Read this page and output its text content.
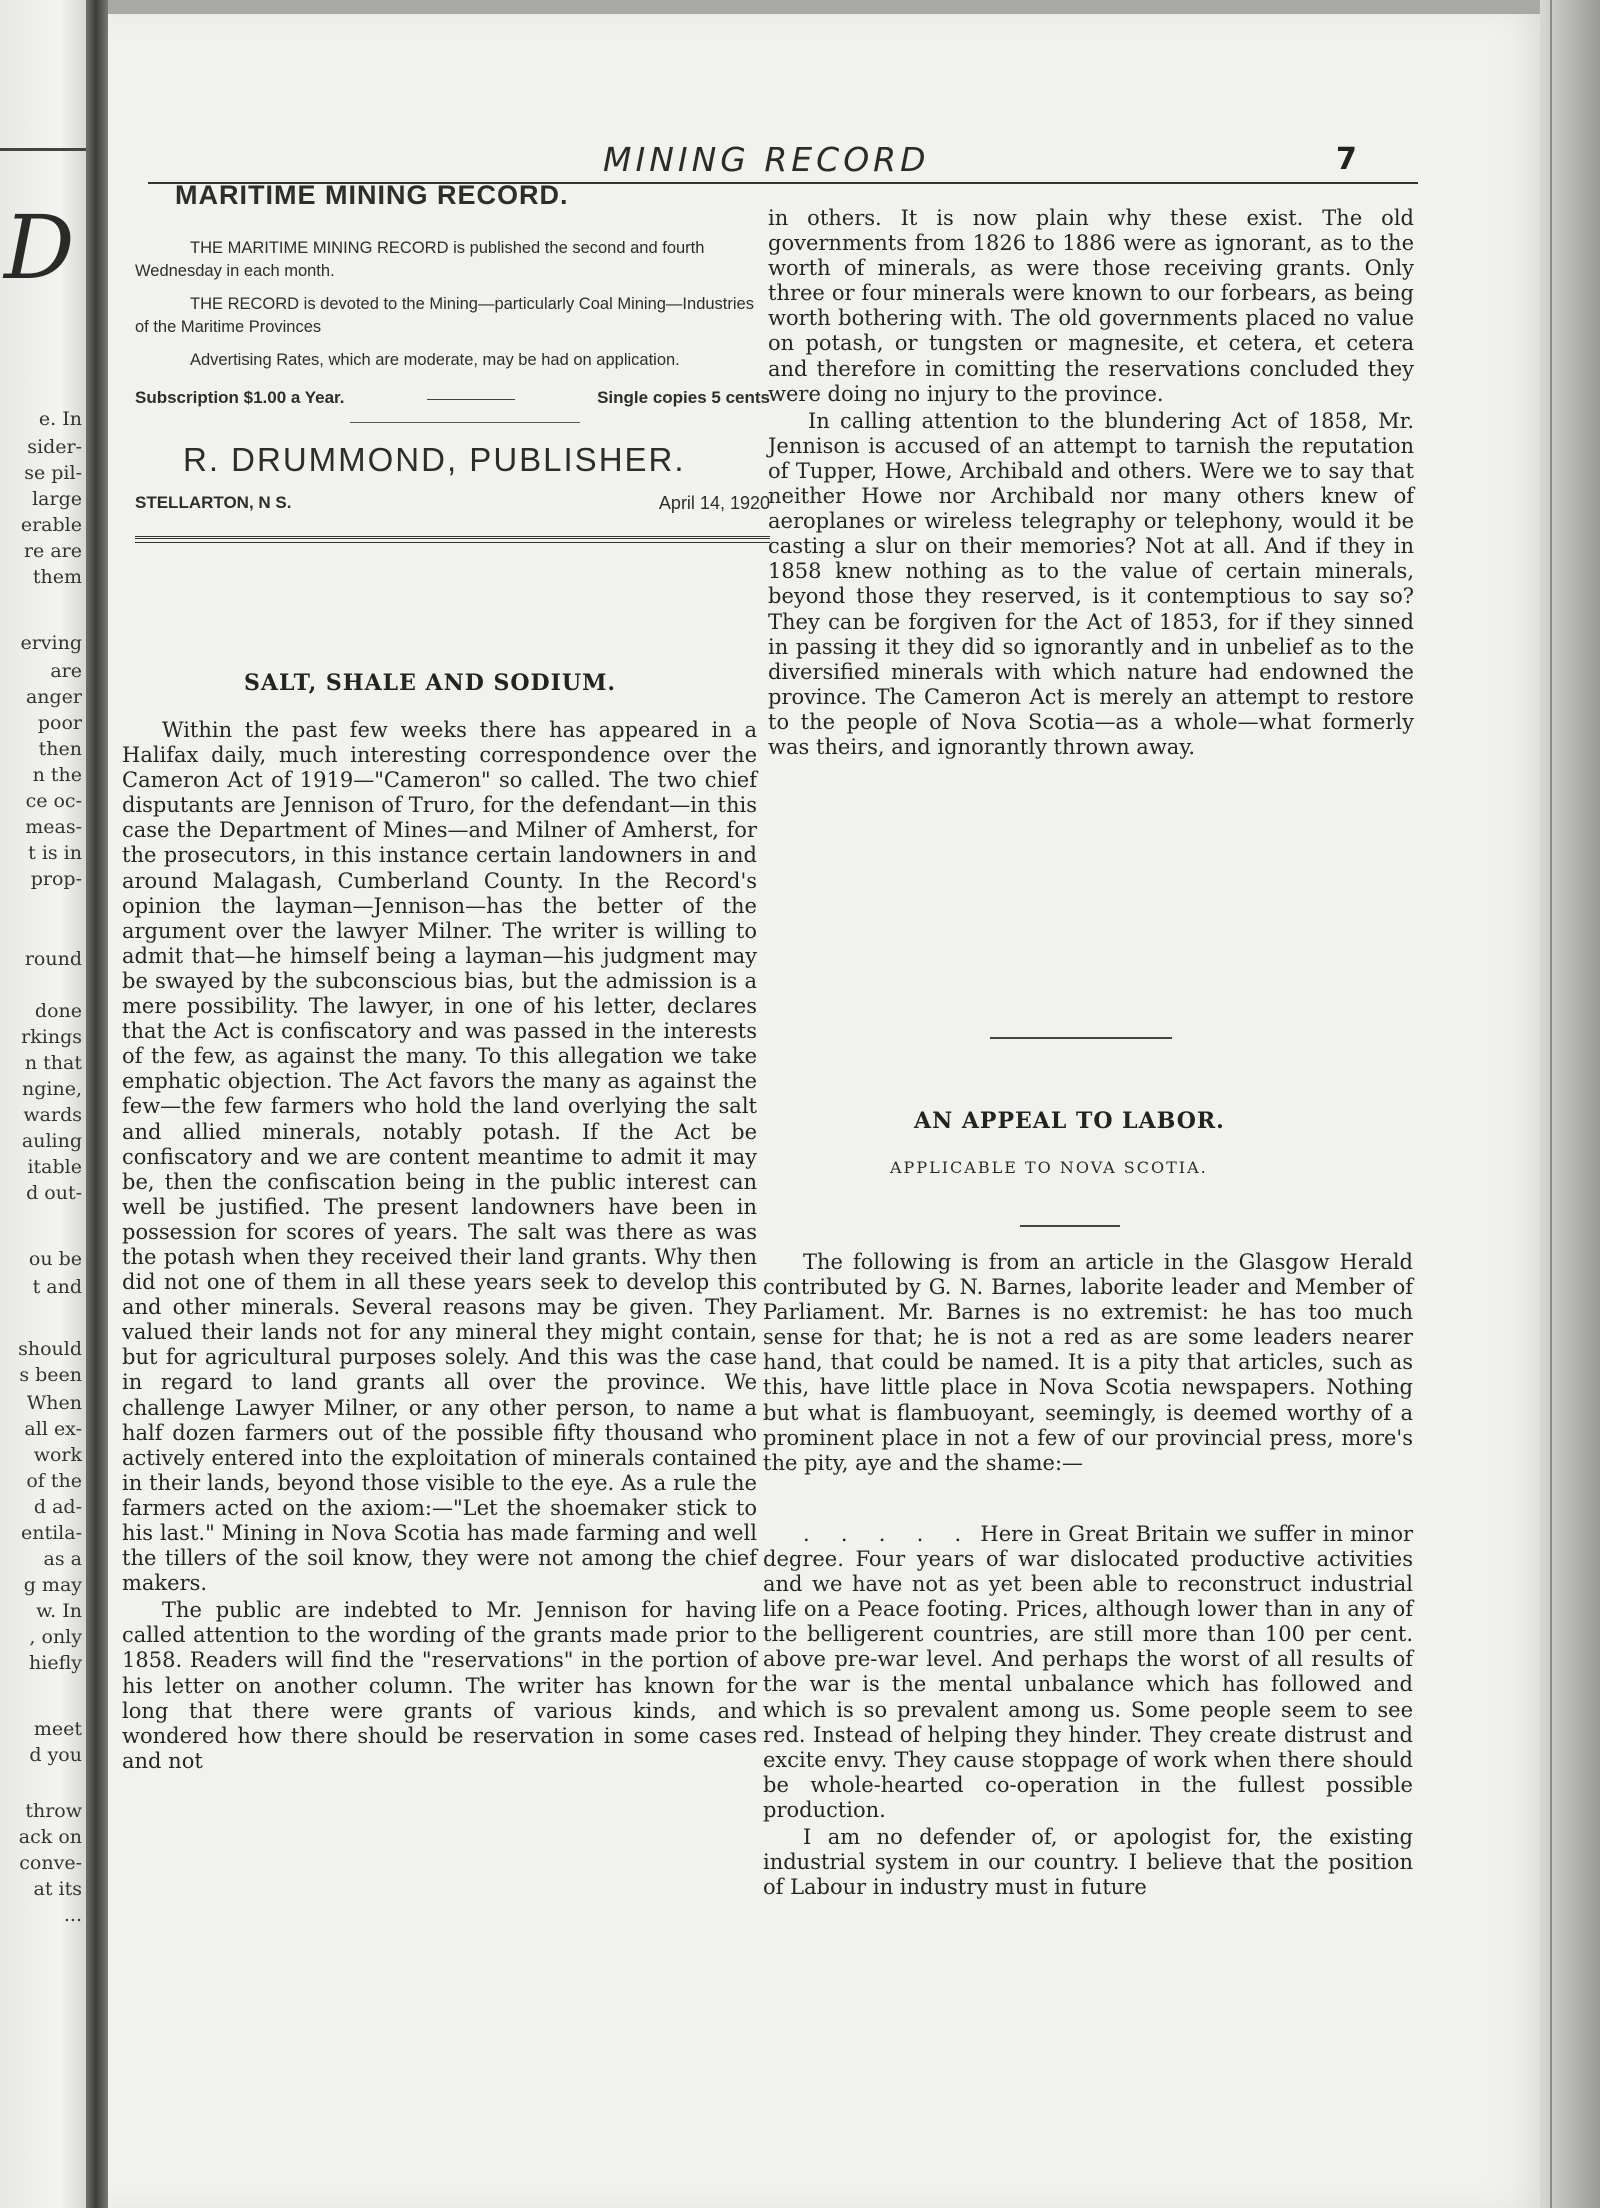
D
e. In
sider-
se pil-
large
erable
re are
them
erving
are
anger
poor
then
n the
ce oc-
meas-
t is in
prop-
round
done
rkings
n that
ngine,
wards
auling
itable
d out-
ou be
t and
should
s been
When
all ex-
work
of the
d ad-
entila-
as a
g may
w. In
, only
hiefly
meet
d you
throw
ack on
conve-
at its
...
MINING RECORD	7
MARITIME MINING RECORD.

THE MARITIME MINING RECORD is published the second and fourth Wednesday in each month.

THE RECORD is devoted to the Mining—particularly Coal Mining—Industries of the Maritime Provinces

Advertising Rates, which are moderate, may be had on application.

Subscription $1.00 a Year.	Single copies 5 cents
R. DRUMMOND, PUBLISHER.
STELLARTON, N S.	April 14, 1920
SALT, SHALE AND SODIUM.

Within the past few weeks there has appeared in a Halifax daily, much interesting correspondence over the Cameron Act of 1919—"Cameron" so called. The two chief disputants are Jennison of Truro, for the defendant—in this case the Department of Mines—and Milner of Amherst, for the prosecutors, in this instance certain landowners in and around Malagash, Cumberland County. In the Record's opinion the layman—Jennison—has the better of the argument over the lawyer Milner. The writer is willing to admit that—he himself being a layman—his judgment may be swayed by the subconscious bias, but the admission is a mere possibility. The lawyer, in one of his letter, declares that the Act is confiscatory and was passed in the interests of the few, as against the many. To this allegation we take emphatic objection. The Act favors the many as against the few—the few farmers who hold the land overlying the salt and allied minerals, notably potash. If the Act be confiscatory and we are content meantime to admit it may be, then the confiscation being in the public interest can well be justified. The present landowners have been in possession for scores of years. The salt was there as was the potash when they received their land grants. Why then did not one of them in all these years seek to develop this and other minerals. Several reasons may be given. They valued their lands not for any mineral they might contain, but for agricultural purposes solely. And this was the case in regard to land grants all over the province. We challenge Lawyer Milner, or any other person, to name a half dozen farmers out of the possible fifty thousand who actively entered into the exploitation of minerals contained in their lands, beyond those visible to the eye. As a rule the farmers acted on the axiom:—"Let the shoemaker stick to his last." Mining in Nova Scotia has made farming and well the tillers of the soil know, they were not among the chief makers.

The public are indebted to Mr. Jennison for having called attention to the wording of the grants made prior to 1858. Readers will find the "reservations" in the portion of his letter on another column. The writer has known for long that there were grants of various kinds, and wondered how there should be reservation in some cases and not

in others. It is now plain why these exist. The old governments from 1826 to 1886 were as ignorant, as to the worth of minerals, as were those receiving grants. Only three or four minerals were known to our forbears, as being worth bothering with. The old governments placed no value on potash, or tungsten or magnesite, et cetera, et cetera and therefore in comitting the reservations concluded they were doing no injury to the province.

In calling attention to the blundering Act of 1858, Mr. Jennison is accused of an attempt to tarnish the reputation of Tupper, Howe, Archibald and others. Were we to say that neither Howe nor Archibald nor many others knew of aeroplanes or wireless telegraphy or telephony, would it be casting a slur on their memories? Not at all. And if they in 1858 knew nothing as to the value of certain minerals, beyond those they reserved, is it contemptious to say so? They can be forgiven for the Act of 1853, for if they sinned in passing it they did so ignorantly and in unbelief as to the diversified minerals with which nature had endowned the province. The Cameron Act is merely an attempt to restore to the people of Nova Scotia—as a whole—what formerly was theirs, and ignorantly thrown away.

AN APPEAL TO LABOR.
APPLICABLE TO NOVA SCOTIA.

The following is from an article in the Glasgow Herald contributed by G. N. Barnes, laborite leader and Member of Parliament. Mr. Barnes is no extremist: he has too much sense for that; he is not a red as are some leaders nearer hand, that could be named. It is a pity that articles, such as this, have little place in Nova Scotia newspapers. Nothing but what is flambuoyant, seemingly, is deemed worthy of a prominent place in not a few of our provincial press, more's the pity, aye and the shame:—

. . . . . Here in Great Britain we suffer in minor degree. Four years of war dislocated productive activities and we have not as yet been able to reconstruct industrial life on a Peace footing. Prices, although lower than in any of the belligerent countries, are still more than 100 per cent. above pre-war level. And perhaps the worst of all results of the war is the mental unbalance which has followed and which is so prevalent among us. Some people seem to see red. Instead of helping they hinder. They create distrust and excite envy. They cause stoppage of work when there should be whole-hearted co-operation in the fullest possible production.

I am no defender of, or apologist for, the existing industrial system in our country. I believe that the position of Labour in industry must in future
